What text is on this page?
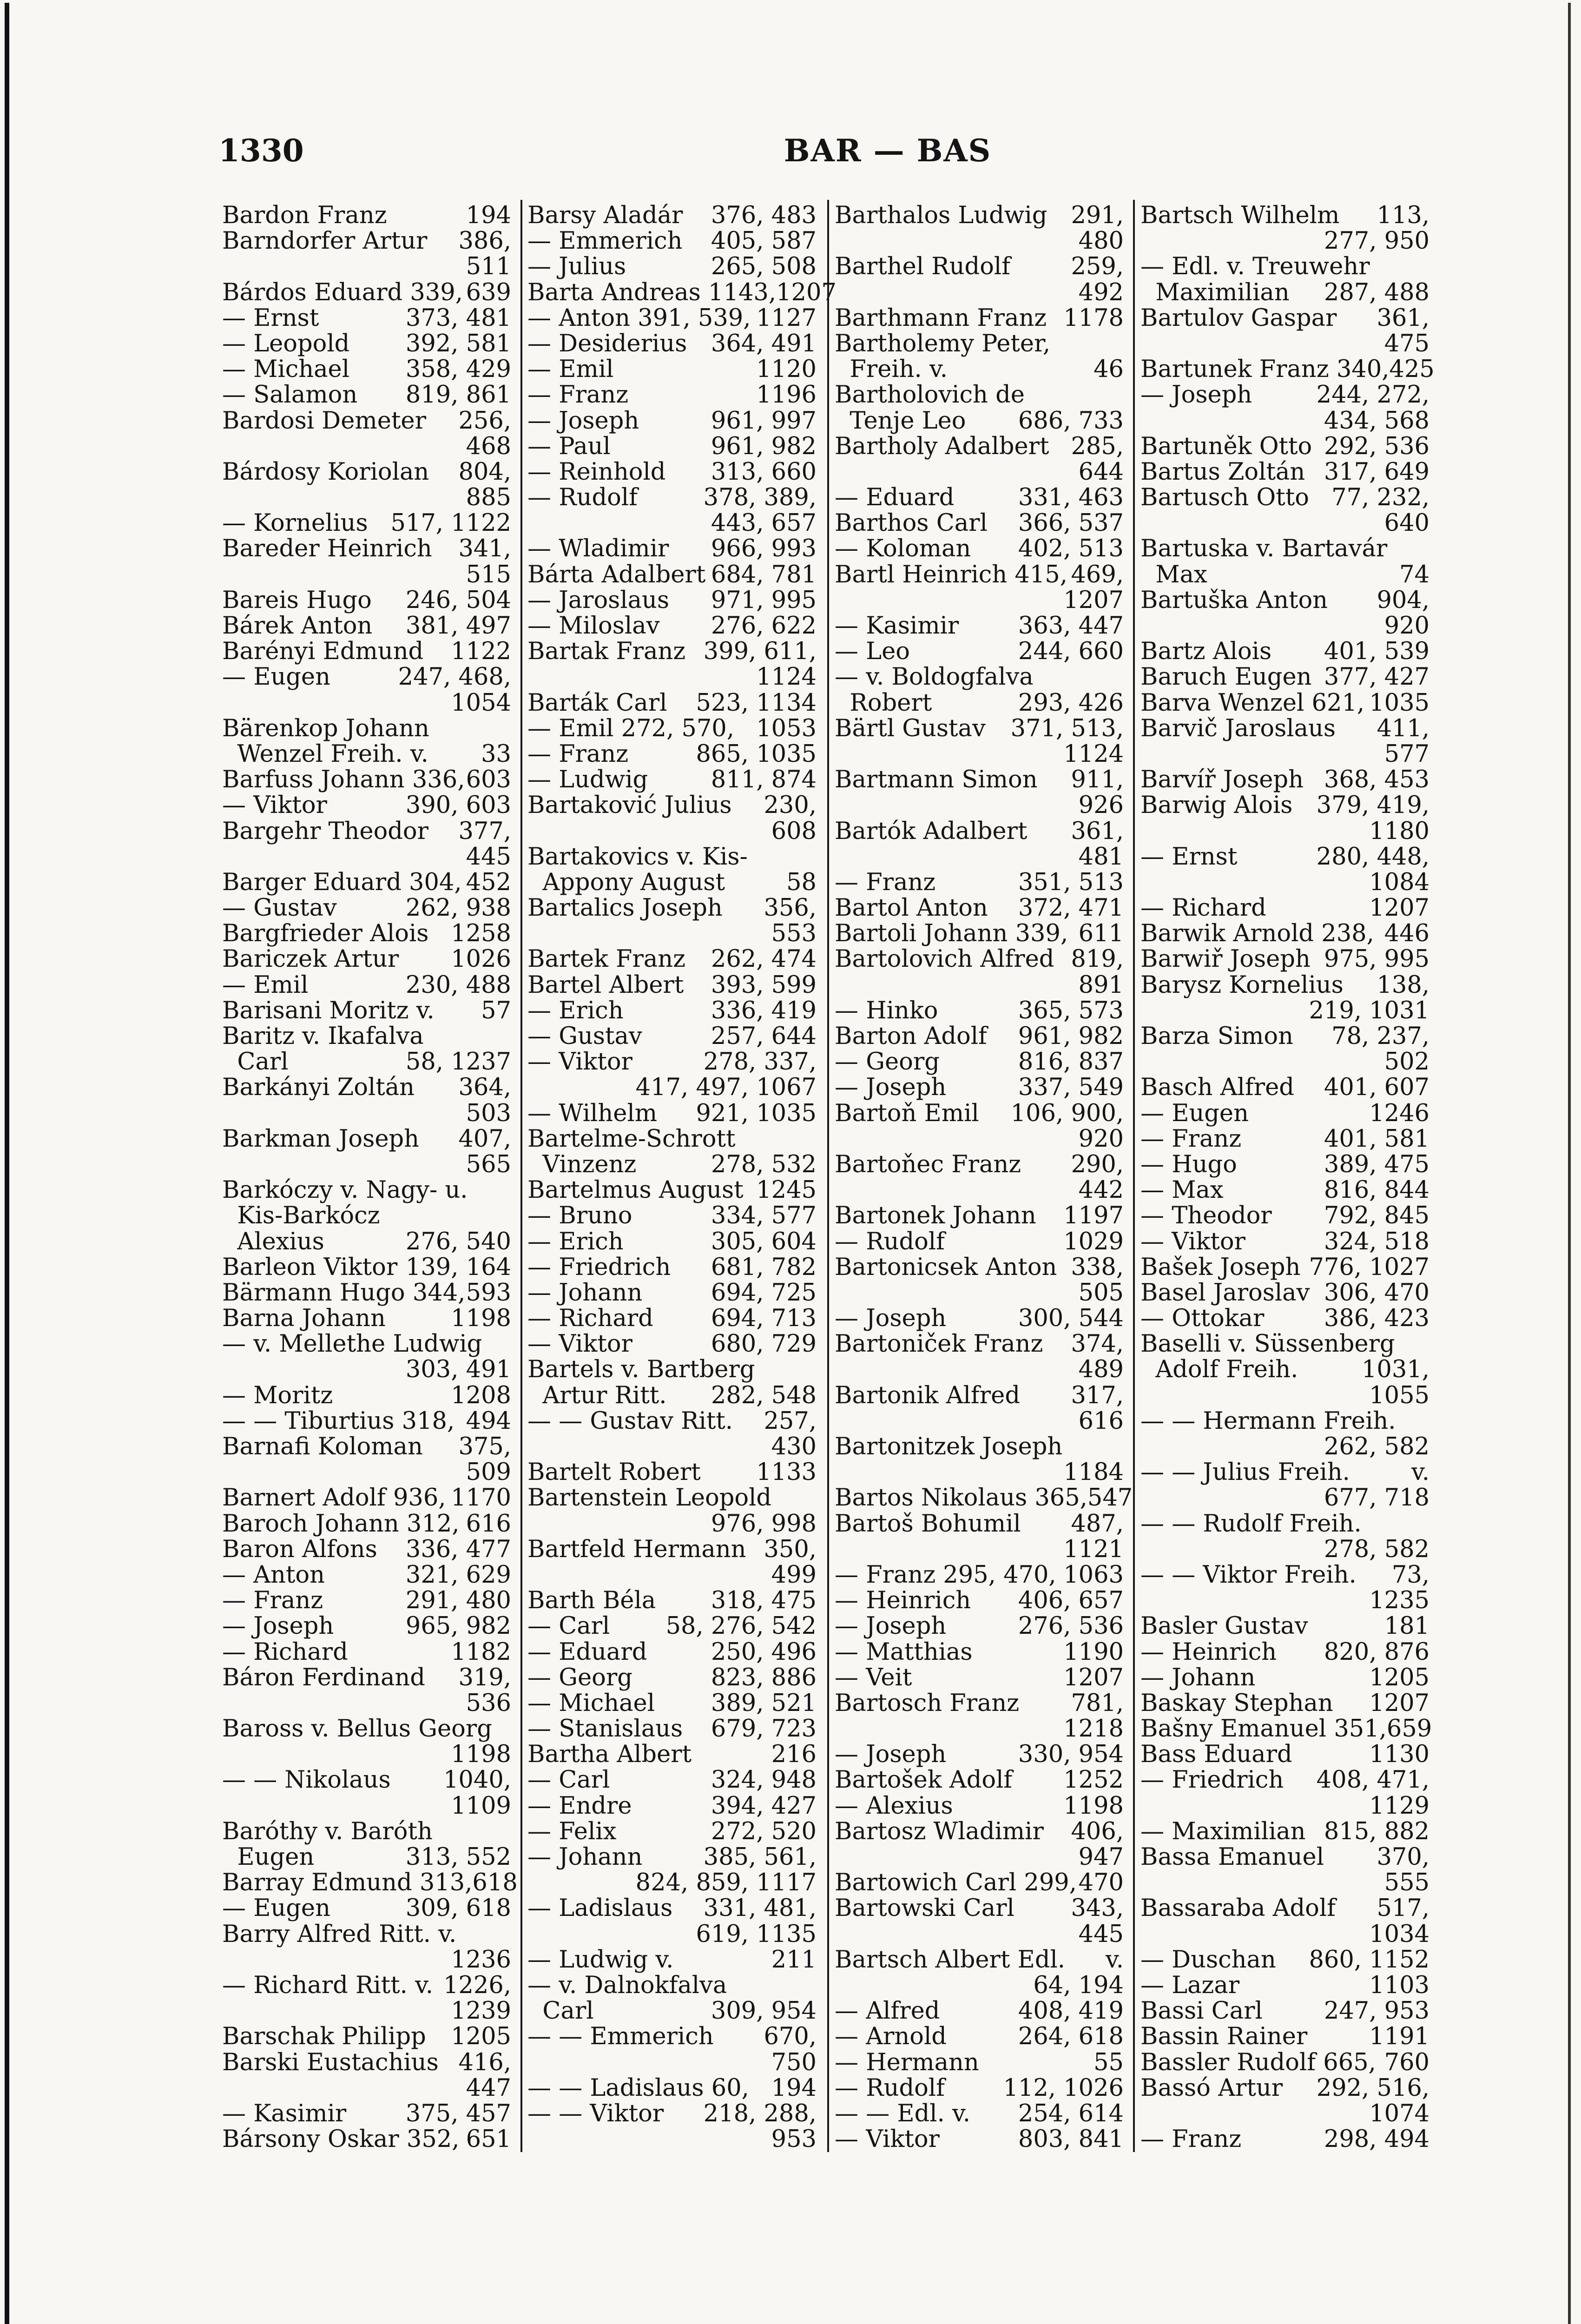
1330	BAR — BAS
Bardon Franz	194
Barndorfer Artur 386,
511
Bárdos Eduard 339, 639
— Ernst	373, 481
— Leopold 392, 581
— Michael 358, 429
— Salamon 819, 861
Bardosi Demeter 256,
468
Bárdosy Koriolan 804,
885
— Kornelius 517, 1122
Bareder Heinrich 341,
515
Bareis Hugo 246, 504
Bárek Anton 381, 497
Barényi Edmund 1122
— Eugen	247, 468,
1054
Bärenkop Johann
Wenzel Freih. v. 33
Barfuss Johann 336, 603
— Viktor	390, 603
Bargehr Theodor 377,
445
Barger Eduard 304, 452
— Gustav	262, 938
Bargfrieder Alois 1258
Bariczek Artur 1026
— Emil	230, 488
Barisani Moritz v. 57
Baritz v. Ikafalva
Carl	58, 1237
Barkányi Zoltán 364,
503
Barkman Joseph 407,
565
Barkóczy v. Nagy- u.
Kis-Barkócz
Alexius	276, 540
Barleon Viktor 139, 164
Bärmann Hugo 344, 593
Barna Johann	1198
— v. Mellethe Ludwig
303, 491
— Moritz	1208
— — Tiburtius 318, 494
Barnafi Koloman 375,
509
Barnert Adolf 936, 1170
Baroch Johann 312, 616
Baron Alfons 336, 477
— Anton	321, 629
— Franz	291, 480
— Joseph	965, 982
— Richard	1182
Báron Ferdinand 319,
536
Baross v. Bellus Georg
1198
— — Nikolaus 1040,
1109
Baróthy v. Baróth
Eugen	313, 552
Barray Edmund 313, 618
— Eugen	309, 618
Barry Alfred Ritt. v.
1236
— Richard Ritt. v. 1226,
1239
Barschak Philipp 1205
Barski Eustachius 416,
447
— Kasimir	375, 457
Bársony Oskar 352, 651
Barsy Aladár 376, 483
— Emmerich 405, 587
— Julius	265, 508
Barta Andreas 1143, 1207
— Anton 391, 539, 1127
— Desiderius 364, 491
— Emil	1120
— Franz	1196
— Joseph	961, 997
— Paul	961, 982
— Reinhold 313, 660
— Rudolf	378, 389,
443, 657
— Wladimir 966, 993
Bárta Adalbert 684, 781
— Jaroslaus 971, 995
— Miloslav 276, 622
Bartak Franz 399, 611,
1124
Barták Carl 523, 1134
— Emil 272, 570, 1053
— Franz	865, 1035
— Ludwig	811, 874
Bartaković Julius 230,
608
Bartakovics v. Kis-
Appony August	58
Bartalics Joseph 356,
553
Bartek Franz 262, 474
Bartel Albert 393, 599
— Erich	336, 419
— Gustav	257, 644
— Viktor	278, 337,
417, 497, 1067
— Wilhelm 921, 1035
Bartelme-Schrott
Vinzenz	278, 532
Bartelmus August 1245
— Bruno	334, 577
— Erich	305, 604
— Friedrich 681, 782
— Johann	694, 725
— Richard 694, 713
— Viktor	680, 729
Bartels v. Bartberg
Artur Ritt. 282, 548
— — Gustav Ritt. 257,
430
Bartelt Robert 1133
Bartenstein Leopold
976, 998
Bartfeld Hermann 350,
499
Barth Béla 318, 475
— Carl 58, 276, 542
— Eduard	250, 496
— Georg	823, 886
— Michael 389, 521
— Stanislaus 679, 723
Bartha Albert	216
— Carl	324, 948
— Endre	394, 427
— Felix	272, 520
— Johann	385, 561,
824, 859, 1117
— Ladislaus 331, 481,
619, 1135
— Ludwig v.	211
— v. Dalnokfalva
Carl	309, 954
— — Emmerich 670,
750
— — Ladislaus 60, 194
— — Viktor 218, 288,
953
Barthalos Ludwig 291,
480
Barthel Rudolf	259,
492
Barthmann Franz 1178
Bartholemy Peter,
Freih. v.	46
Bartholovich de
Tenje Leo 686, 733
Bartholy Adalbert 285,
644
— Eduard	331, 463
Barthos Carl 366, 537
— Koloman 402, 513
Bartl Heinrich 415, 469,
1207
— Kasimir	363, 447
— Leo	244, 660
— v. Boldogfalva
Robert	293, 426
Bärtl Gustav 371, 513,
1124
Bartmann Simon 911,
926
Bartók Adalbert 361,
481
— Franz	351, 513
Bartol Anton 372, 471
Bartoli Johann 339, 611
Bartolovich Alfred 819,
891
— Hinko	365, 573
Barton Adolf 961, 982
— Georg	816, 837
— Joseph	337, 549
Bartoň Emil 106, 900,
920
Bartoňec Franz 290,
442
Bartonek Johann 1197
— Rudolf	1029
Bartonicsek Anton 338,
505
— Joseph	300, 544
Bartoniček Franz 374,
489
Bartonik Alfred 317,
616
Bartonitzek Joseph
1184
Bartos Nikolaus 365, 547
Bartoš Bohumil 487,
1121
— Franz 295, 470, 1063
— Heinrich 406, 657
— Joseph	276, 536
— Matthias	1190
— Veit	1207
Bartosch Franz 781,
1218
— Joseph	330, 954
Bartošek Adolf 1252
— Alexius	1198
Bartosz Wladimir 406,
947
Bartowich Carl 299, 470
Bartowski Carl 343,
445
Bartsch Albert Edl. v.
64, 194
— Alfred	408, 419
— Arnold	264, 618
— Hermann	55
— Rudolf 112, 1026
— — Edl. v. 254, 614
— Viktor	803, 841
Bartsch Wilhelm 113,
277, 950
— Edl. v. Treuwehr
Maximilian 287, 488
Bartulov Gaspar 361,
475
Bartunek Franz 340, 425
— Joseph	244, 272,
434, 568
Bartuněk Otto 292, 536
Bartus Zoltán 317, 649
Bartusch Otto 77, 232,
640
Bartuska v. Bartavár
Max	74
Bartuška Anton 904,
920
Bartz Alois 401, 539
Baruch Eugen 377, 427
Barva Wenzel 621, 1035
Barvič Jaroslaus 411,
577
Barvíř Joseph 368, 453
Barwig Alois 379, 419,
1180
— Ernst	280, 448,
1084
— Richard	1207
Barwik Arnold 238, 446
Barwiř Joseph 975, 995
Barysz Kornelius 138,
219, 1031
Barza Simon 78, 237,
502
Basch Alfred 401, 607
— Eugen	1246
— Franz	401, 581
— Hugo	389, 475
— Max	816, 844
— Theodor 792, 845
— Viktor	324, 518
Bašek Joseph 776, 1027
Basel Jaroslav 306, 470
— Ottokar	386, 423
Baselli v. Süssenberg
Adolf Freih.	1031,
1055
— — Hermann Freih.
262, 582
— — Julius Freih.	v.
677, 718
— — Rudolf Freih.
278, 582
— — Viktor Freih. 73,
1235
Basler Gustav	181
— Heinrich 820, 876
— Johann	1205
Baskay Stephan 1207
Bašny Emanuel 351, 659
Bass Eduard	1130
— Friedrich 408, 471,
1129
— Maximilian 815, 882
Bassa Emanuel 370,
555
Bassaraba Adolf 517,
1034
— Duschan 860, 1152
— Lazar	1103
Bassi Carl	247, 953
Bassin Rainer	1191
Bassler Rudolf 665, 760
Bassó Artur 292, 516,
1074
— Franz	298, 494
